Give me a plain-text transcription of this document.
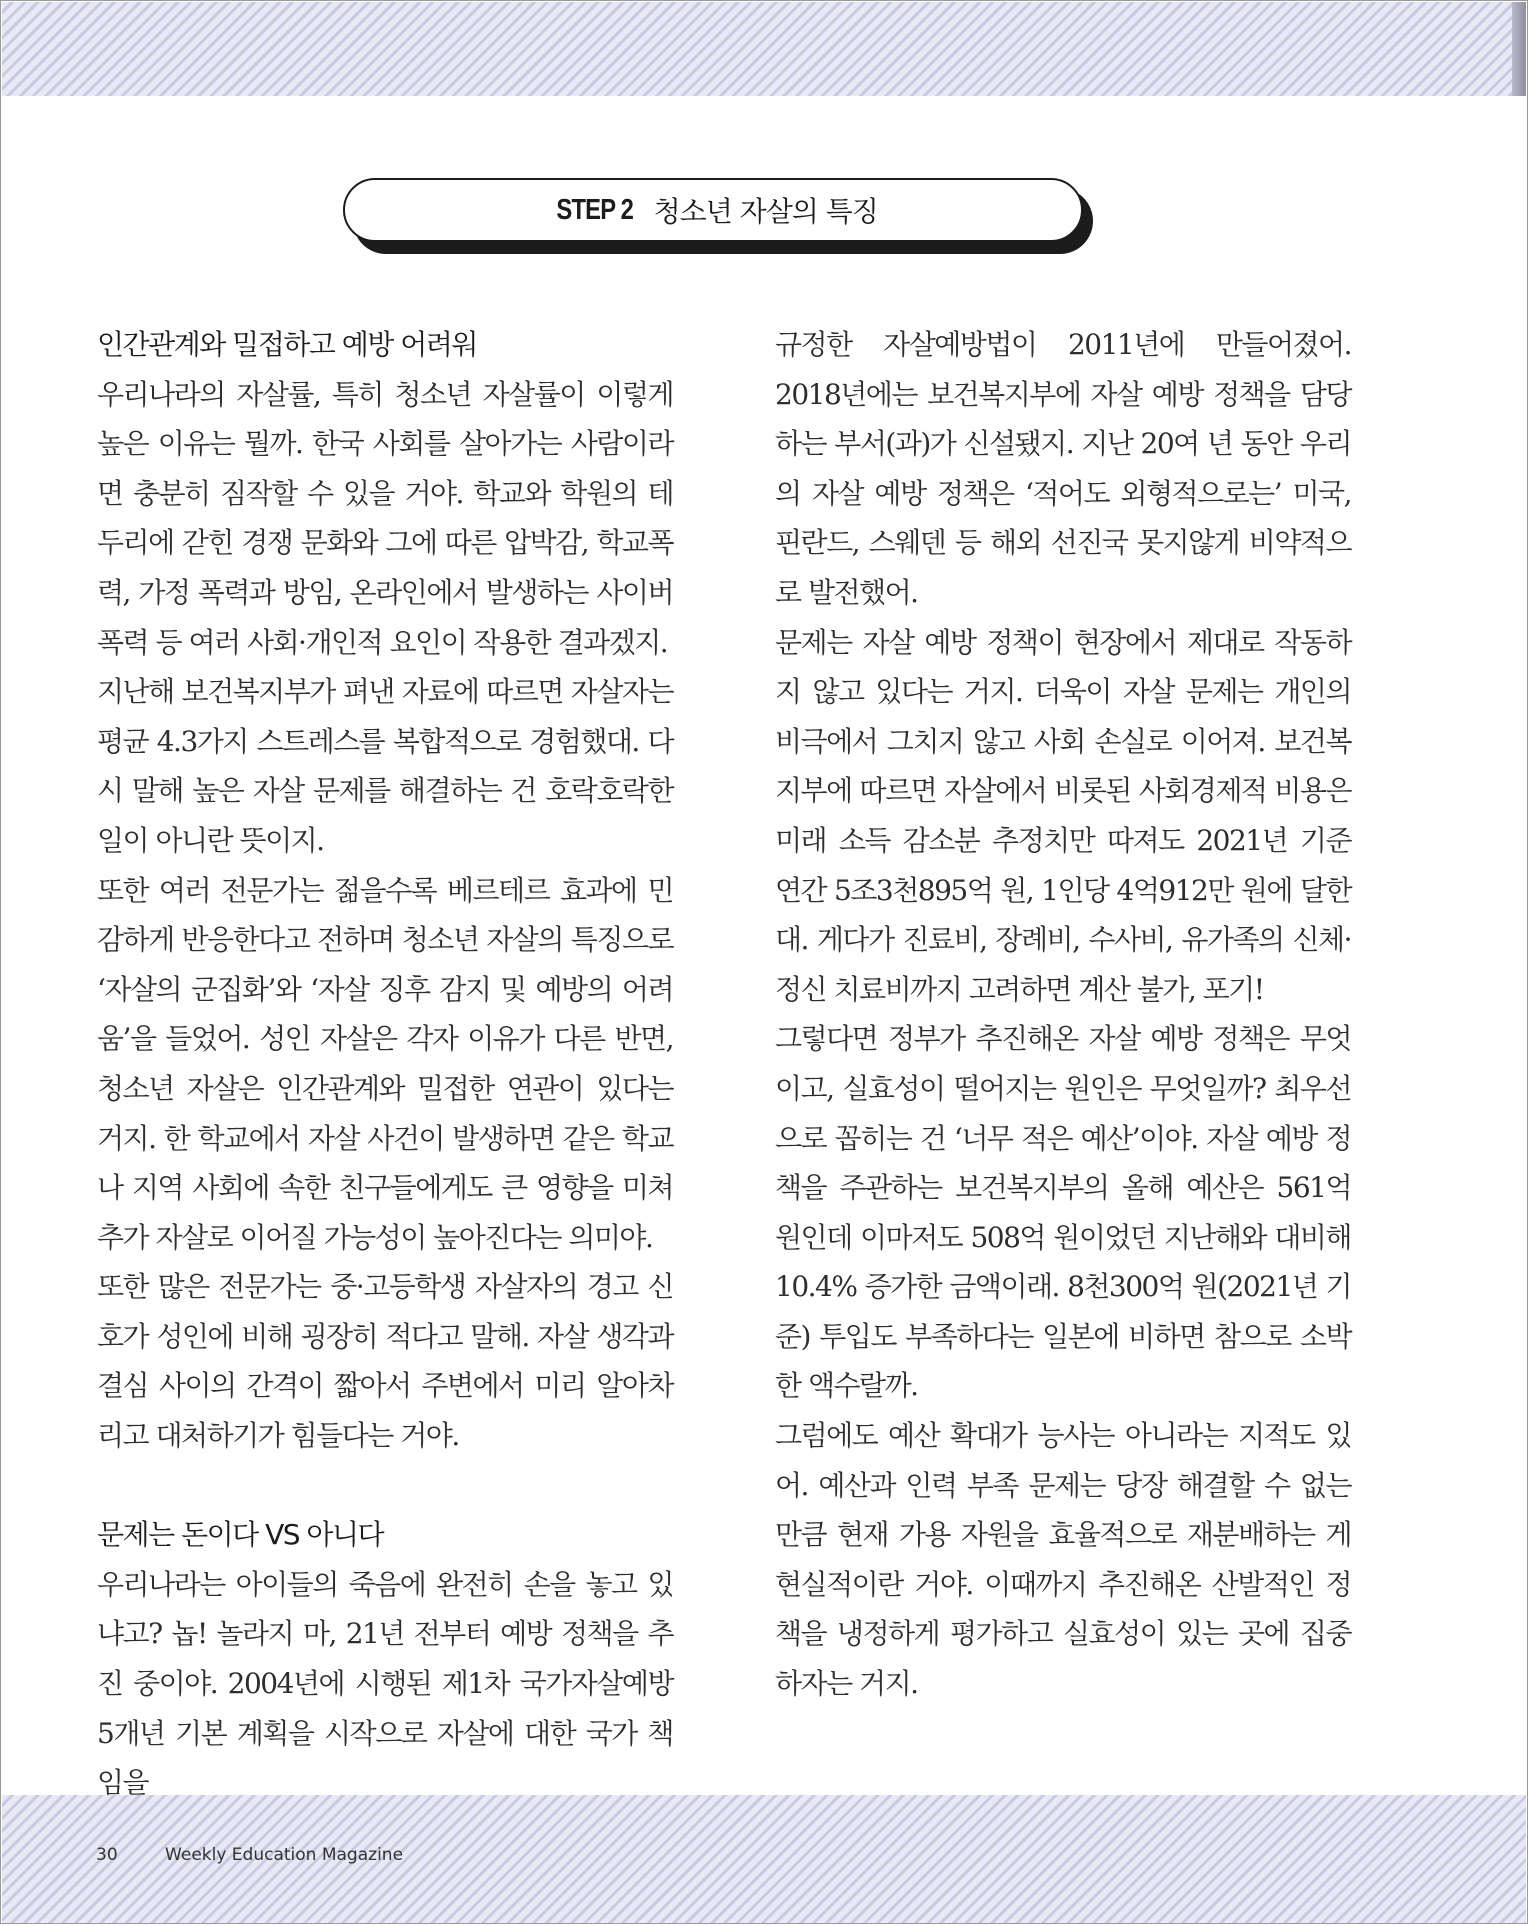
STEP 2 청소년 자살의 특징
인간관계와 밀접하고 예방 어려워

우리나라의 자살률, 특히 청소년 자살률이 이렇게 높은 이유는 뭘까. 한국 사회를 살아가는 사람이라면 충분히 짐작할 수 있을 거야. 학교와 학원의 테두리에 갇힌 경쟁 문화와 그에 따른 압박감, 학교폭력, 가정 폭력과 방임, 온라인에서 발생하는 사이버 폭력 등 여러 사회·개인적 요인이 작용한 결과겠지.

지난해 보건복지부가 펴낸 자료에 따르면 자살자는 평균 4.3가지 스트레스를 복합적으로 경험했대. 다시 말해 높은 자살 문제를 해결하는 건 호락호락한 일이 아니란 뜻이지.

또한 여러 전문가는 젊을수록 베르테르 효과에 민감하게 반응한다고 전하며 청소년 자살의 특징으로 ‘자살의 군집화’와 ‘자살 징후 감지 및 예방의 어려움’을 들었어. 성인 자살은 각자 이유가 다른 반면, 청소년 자살은 인간관계와 밀접한 연관이 있다는 거지. 한 학교에서 자살 사건이 발생하면 같은 학교나 지역 사회에 속한 친구들에게도 큰 영향을 미쳐 추가 자살로 이어질 가능성이 높아진다는 의미야.

또한 많은 전문가는 중·고등학생 자살자의 경고 신호가 성인에 비해 굉장히 적다고 말해. 자살 생각과 결심 사이의 간격이 짧아서 주변에서 미리 알아차리고 대처하기가 힘들다는 거야.

문제는 돈이다 VS 아니다

우리나라는 아이들의 죽음에 완전히 손을 놓고 있냐고? 놉! 놀라지 마, 21년 전부터 예방 정책을 추진 중이야. 2004년에 시행된 제1차 국가자살예방 5개년 기본 계획을 시작으로 자살에 대한 국가 책임을

규정한 자살예방법이 2011년에 만들어졌어. 2018년에는 보건복지부에 자살 예방 정책을 담당하는 부서(과)가 신설됐지. 지난 20여 년 동안 우리의 자살 예방 정책은 ‘적어도 외형적으로는’ 미국, 핀란드, 스웨덴 등 해외 선진국 못지않게 비약적으로 발전했어.

문제는 자살 예방 정책이 현장에서 제대로 작동하지 않고 있다는 거지. 더욱이 자살 문제는 개인의 비극에서 그치지 않고 사회 손실로 이어져. 보건복지부에 따르면 자살에서 비롯된 사회경제적 비용은 미래 소득 감소분 추정치만 따져도 2021년 기준 연간 5조3천895억 원, 1인당 4억912만 원에 달한대. 게다가 진료비, 장례비, 수사비, 유가족의 신체·정신 치료비까지 고려하면 계산 불가, 포기!

그렇다면 정부가 추진해온 자살 예방 정책은 무엇이고, 실효성이 떨어지는 원인은 무엇일까? 최우선으로 꼽히는 건 ‘너무 적은 예산’이야. 자살 예방 정책을 주관하는 보건복지부의 올해 예산은 561억 원인데 이마저도 508억 원이었던 지난해와 대비해 10.4% 증가한 금액이래. 8천300억 원(2021년 기준) 투입도 부족하다는 일본에 비하면 참으로 소박한 액수랄까.

그럼에도 예산 확대가 능사는 아니라는 지적도 있어. 예산과 인력 부족 문제는 당장 해결할 수 없는 만큼 현재 가용 자원을 효율적으로 재분배하는 게 현실적이란 거야. 이때까지 추진해온 산발적인 정책을 냉정하게 평가하고 실효성이 있는 곳에 집중하자는 거지.

30	Weekly Education Magazine
